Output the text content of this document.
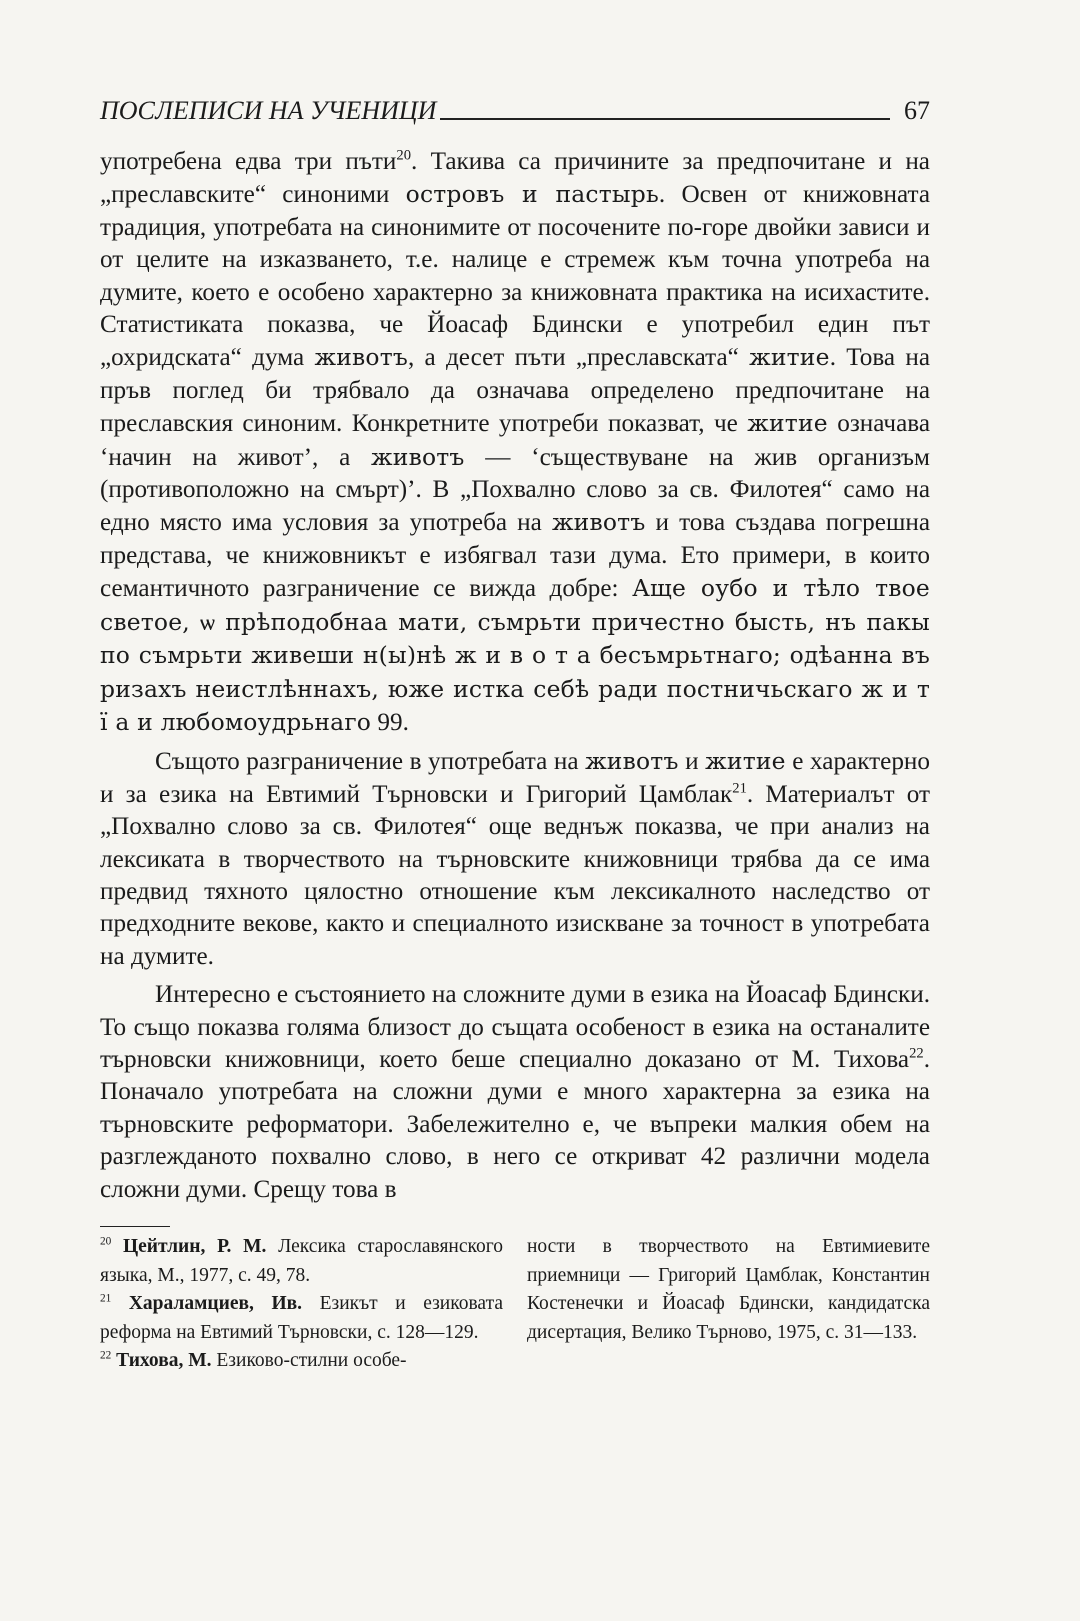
ПОСЛЕПИСИ НА УЧЕНИЦИ	67

употребена едва три пъти$^{20}$. Такива са причините за предпочитане и на „преславските“ синоними островъ и пастырь. Освен от книжовната традиция, употребата на синонимите от посочените по-горе двойки зависи и от целите на изказването, т.е. налице е стремеж към точна употреба на думите, което е особено характерно за книжовната практика на исихастите. Статистиката показва, че Йоасаф Бдински е употребил един път „охридската“ дума животъ, а десет пъти „преславската“ житие. Това на пръв поглед би трябвало да означава определено предпочитане на преславския синоним. Конкретните употреби показват, че житие означава ‘начин на живот’, а животъ — ‘съществуване на жив организъм (противоположно на смърт)’. В „Похвално слово за св. Филотея“ само на едно място има условия за употреба на животъ и това създава погрешна представа, че книжовникът е избягвал тази дума. Ето примери, в които семантичното разграничение се вижда добре: Аще оубо и тѣло твое светое, ѡ прѣподобнаа мати, съмрьти причестно бысть, нъ пакы по съмрьти живеши н(ы)нѣ ж и в о т а бесъмрьтнаго; одѣанна въ ризахъ неистлѣннахъ, юже истка себѣ ради постничьскаго ж и т ї а и любомоудрьнаго 99.

Същото разграничение в употребата на животъ и житие е характерно и за езика на Евтимий Търновски и Григорий Цамблак$^{21}$. Материалът от „Похвално слово за св. Филотея“ още веднъж показва, че при анализ на лексиката в творчеството на търновските книжовници трябва да се има предвид тяхното цялостно отношение към лексикалното наследство от предходните векове, както и специалното изискване за точност в употребата на думите.

Интересно е състоянието на сложните думи в езика на Йоасаф Бдински. То също показва голяма близост до същата особеност в езика на останалите търновски книжовници, което беше специално доказано от М. Тихова$^{22}$. Поначало употребата на сложни думи е много характерна за езика на търновските реформатори. Забележително е, че въпреки малкия обем на разглежданото похвално слово, в него се откриват 42 различни модела сложни думи. Срещу това в

$^{20}$ Цейтлин, Р. М. Лексика старославянского языка, М., 1977, с. 49, 78.

$^{21}$ Хараламциев, Ив. Езикът и езиковата реформа на Евтимий Търновски, с. 128—129.

$^{22}$ Тихова, М. Езиково-стилни особе-

ности в творчеството на Евтимиевите приемници — Григорий Цамблак, Константин Костенечки и Йоасаф Бдински, кандидатска дисертация, Велико Търново, 1975, с. 31—133.
